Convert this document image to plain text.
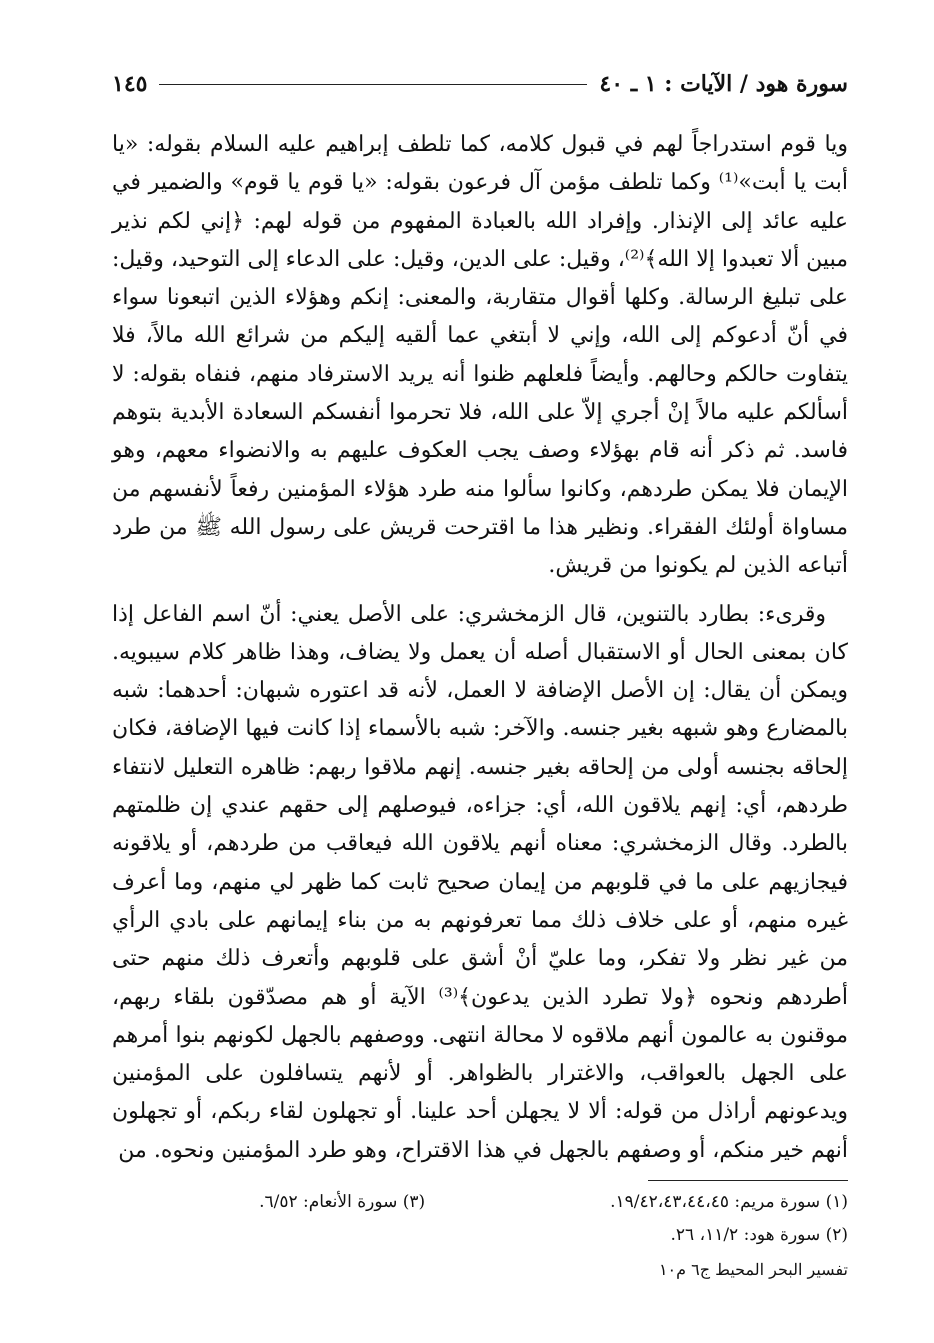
سورة هود / الآيات : ١ ـ ٤٠
١٤٥

ويا قوم استدراجاً لهم في قبول كلامه، كما تلطف إبراهيم عليه السلام بقوله: «يا أبت يا أبت»⁽¹⁾ وكما تلطف مؤمن آل فرعون بقوله: «يا قوم يا قوم» والضمير في عليه عائد إلى الإنذار. وإفراد الله بالعبادة المفهوم من قوله لهم: ﴿إني لكم نذير مبين ألا تعبدوا إلا الله﴾⁽²⁾، وقيل: على الدين، وقيل: على الدعاء إلى التوحيد، وقيل: على تبليغ الرسالة. وكلها أقوال متقاربة، والمعنى: إنكم وهؤلاء الذين اتبعونا سواء في أنّ أدعوكم إلى الله، وإني لا أبتغي عما ألقيه إليكم من شرائع الله مالاً، فلا يتفاوت حالكم وحالهم. وأيضاً فلعلهم ظنوا أنه يريد الاسترفاد منهم، فنفاه بقوله: لا أسألكم عليه مالاً إنْ أجري إلاّ على الله، فلا تحرموا أنفسكم السعادة الأبدية بتوهم فاسد. ثم ذكر أنه قام بهؤلاء وصف يجب العكوف عليهم به والانضواء معهم، وهو الإيمان فلا يمكن طردهم، وكانوا سألوا منه طرد هؤلاء المؤمنين رفعاً لأنفسهم من مساواة أولئك الفقراء. ونظير هذا ما اقترحت قريش على رسول الله ﷺ من طرد أتباعه الذين لم يكونوا من قريش.

وقرىء: بطارد بالتنوين، قال الزمخشري: على الأصل يعني: أنّ اسم الفاعل إذا كان بمعنى الحال أو الاستقبال أصله أن يعمل ولا يضاف، وهذا ظاهر كلام سيبويه. ويمكن أن يقال: إن الأصل الإضافة لا العمل، لأنه قد اعتوره شبهان: أحدهما: شبه بالمضارع وهو شبهه بغير جنسه. والآخر: شبه بالأسماء إذا كانت فيها الإضافة، فكان إلحاقه بجنسه أولى من إلحاقه بغير جنسه. إنهم ملاقوا ربهم: ظاهره التعليل لانتفاء طردهم، أي: إنهم يلاقون الله، أي: جزاءه، فيوصلهم إلى حقهم عندي إن ظلمتهم بالطرد. وقال الزمخشري: معناه أنهم يلاقون الله فيعاقب من طردهم، أو يلاقونه فيجازيهم على ما في قلوبهم من إيمان صحيح ثابت كما ظهر لي منهم، وما أعرف غيره منهم، أو على خلاف ذلك مما تعرفونهم به من بناء إيمانهم على بادي الرأي من غير نظر ولا تفكر، وما عليّ أنْ أشق على قلوبهم وأتعرف ذلك منهم حتى أطردهم ونحوه ﴿ولا تطرد الذين يدعون﴾⁽³⁾ الآية أو هم مصدّقون بلقاء ربهم، موقنون به عالمون أنهم ملاقوه لا محالة انتهى. ووصفهم بالجهل لكونهم بنوا أمرهم على الجهل بالعواقب، والاغترار بالظواهر. أو لأنهم يتسافلون على المؤمنين ويدعونهم أراذل من قوله: ألا لا يجهلن أحد علينا. أو تجهلون لقاء ربكم، أو تجهلون أنهم خير منكم، أو وصفهم بالجهل في هذا الاقتراح، وهو طرد المؤمنين ونحوه. من

(١) سورة مريم: ١٩/٤٢،٤٣،٤٤،٤٥.
(٣) سورة الأنعام: ٦/٥٢.
(٢) سورة هود: ١١/٢، ٢٦.
تفسير البحر المحيط ج٦ م١٠
